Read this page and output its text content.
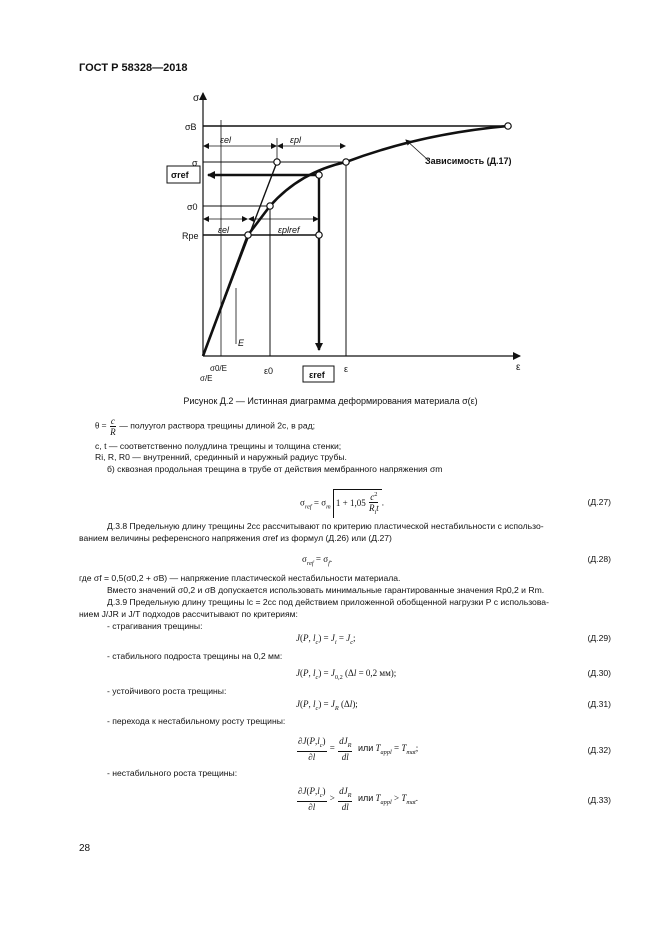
ГОСТ Р 58328—2018
σ
ε
σB
σ
σref
σ0
Rpe
εel	εpl
εel	εplref
Зависимость (Д.17)
E
σ0/E
σ/E
ε0	εref
ε
Рисунок Д.2 — Истинная диаграмма деформирования материала σ(ε)
$\theta = \frac{c}{R}$ — полуугол раствора трещины длиной 2c, в рад;
c, t — соответственно полудлина трещины и толщина стенки;
Ri, R, R0 — внутренний, срединный и наружный радиус трубы.
б) сквозная продольная трещина в трубе от действия мембранного напряжения σm
$\sigma_{ref} = \sigma_m$ $1 + 1,05 \frac{c^2}{R_it}$ .	(Д.27)
Д.3.8 Предельную длину трещины 2cc рассчитывают по критерию пластической нестабильности с использо-
ванием величины референсного напряжения σref из формул (Д.26) или (Д.27)
$\sigma_{ref} = \sigma_f$.	(Д.28)
где σf = 0,5(σ0,2 + σB) — напряжение пластической нестабильности материала.
Вместо значений σ0,2 и σB допускается использовать минимальные гарантированные значения Rp0,2 и Rm.
Д.3.9 Предельную длину трещины lc = 2cc под действием приложенной обобщенной нагрузки P с использова-
нием J/JR и J/T подходов рассчитывают по критериям:
- страгивания трещины:
J(P, $l_c) = J_i = J_c$;	(Д.29)
- стабильного подроста трещины на 0,2 мм:
J(P, $l_c) = J_{0,2}$ (Δl = 0,2 мм);	(Д.30)
- устойчивого роста трещины:
J(P, $l_c) = J_R$ (Δl);	(Д.31)
- перехода к нестабильному росту трещины:
$\frac{\partial J(P,l_c)}{\partial l} = \frac{dJ_R}{dl}$ или $T_{appl} = T_{mat}$;	(Д.32)
- нестабильного роста трещины:
$\frac{\partial J(P,l_c)}{\partial l} > \frac{dJ_R}{dl}$ или $T_{appl} > T_{mat}$.	(Д.33)
28
